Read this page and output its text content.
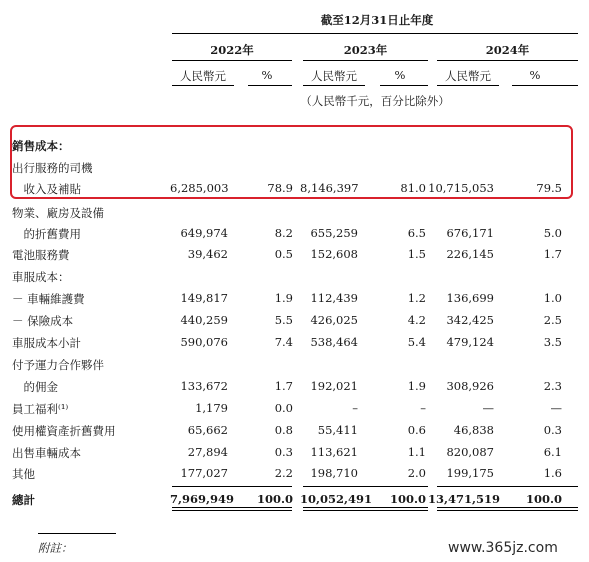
截至12月31日止年度
2022年	2023年	2024年
人民幣元	%	人民幣元	%	人民幣元	%
（人民幣千元，百分比除外）
銷售成本：
出行服務的司機
　收入及補貼	6,285,003	78.9 8,146,397	81.0 10,715,053	79.5
物業、廠房及設備
　的折舊費用	649,974	8.2	655,259	6.5	676,171	5.0
電池服務費	39,462	0.5	152,608	1.5	226,145	1.7
車服成本：
－ 車輛維護費	149,817	1.9	112,439	1.2	136,699	1.0
－ 保險成本	440,259	5.5	426,025	4.2	342,425	2.5
車服成本小計	590,076	7.4	538,464	5.4	479,124	3.5
付予運力合作夥伴
　的佣金	133,672	1.7	192,021	1.9	308,926	2.3
員工福利⁽¹⁾	1,179	0.0	–	–	—	—
使用權資產折舊費用	65,662	0.8	55,411	0.6	46,838	0.3
出售車輛成本	27,894	0.3	113,621	1.1	820,087	6.1
其他	177,027	2.2	198,710	2.0	199,175	1.6
總計	7,969,949	100.0 10,052,491 100.0 13,471,519	100.0
附註：	www.365jz.com
